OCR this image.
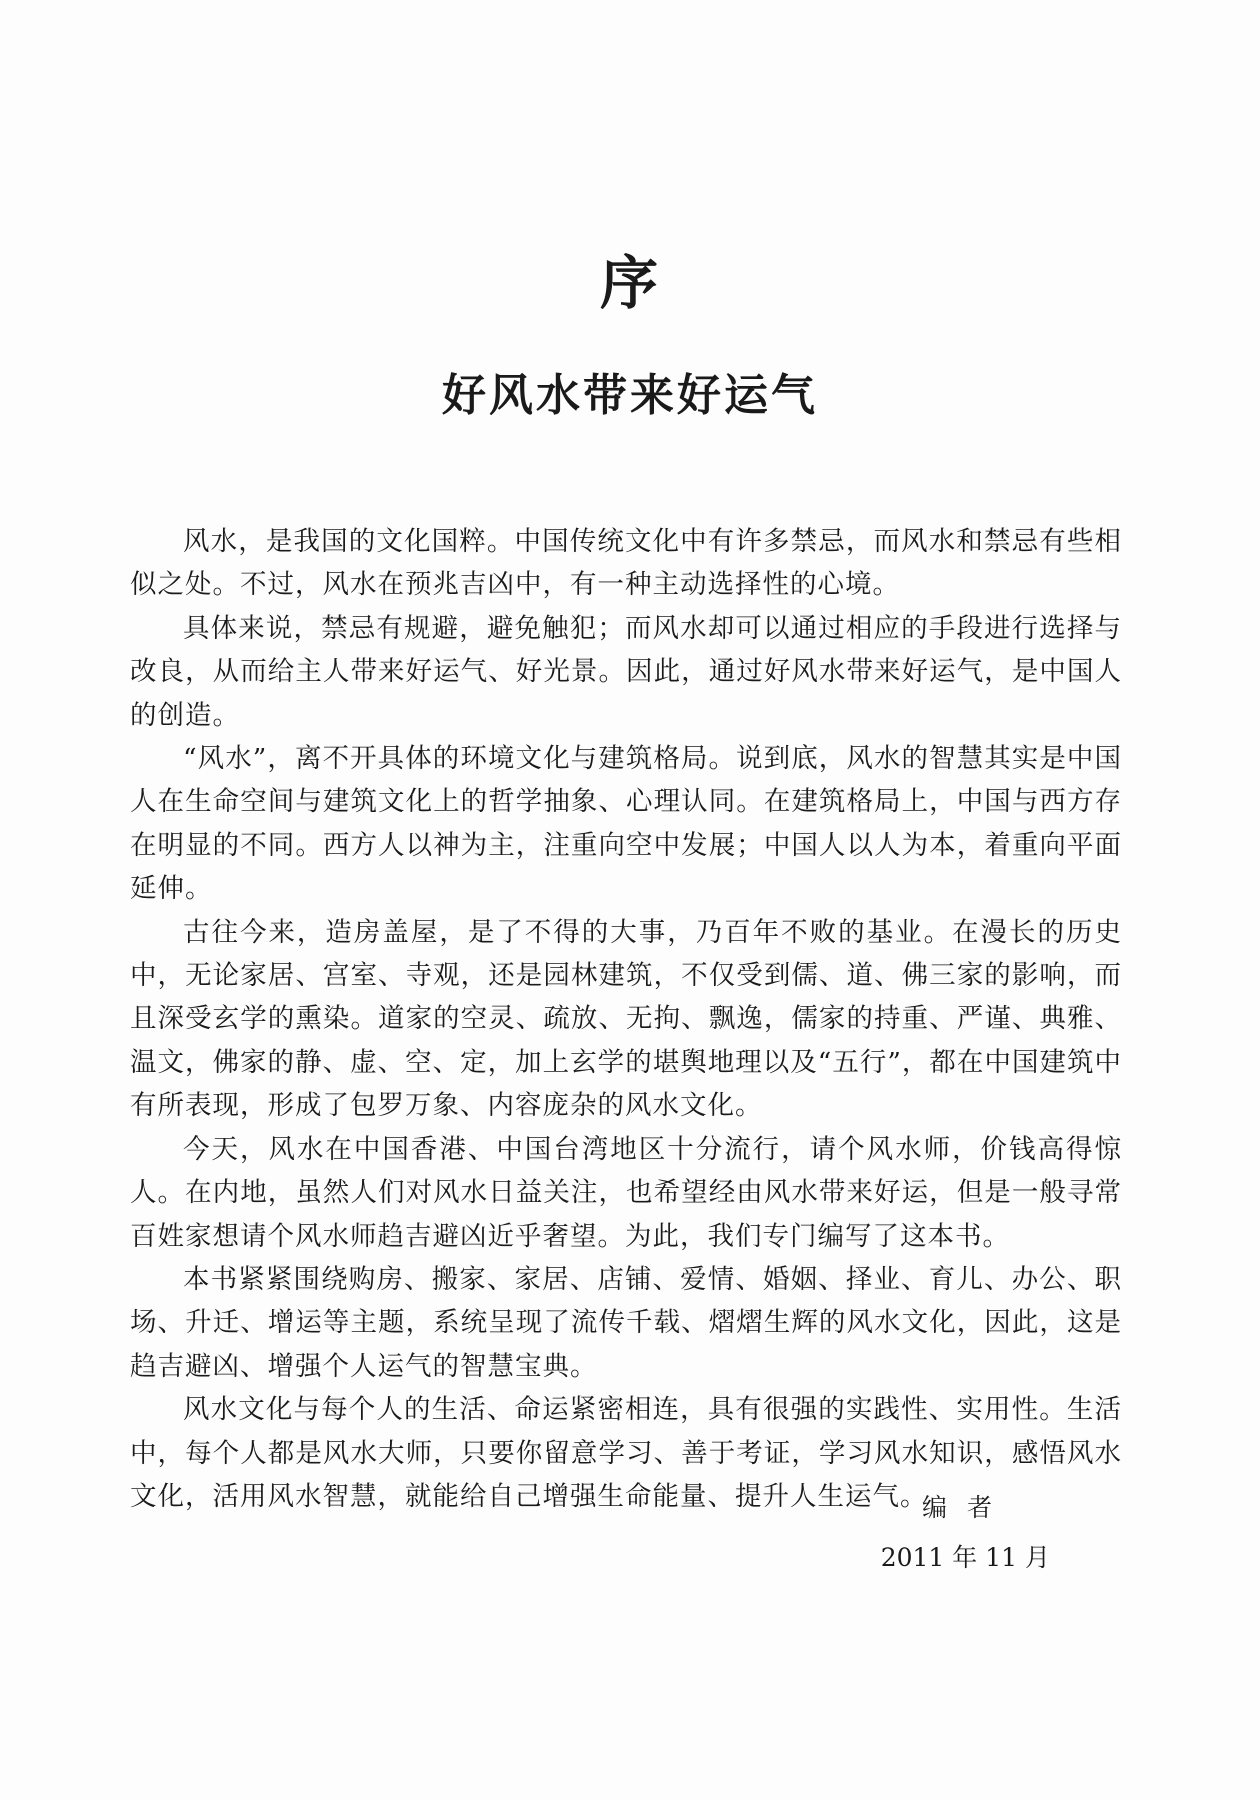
序
好风水带来好运气

风水，是我国的文化国粹。中国传统文化中有许多禁忌，而风水和禁忌有些相似之处。不过，风水在预兆吉凶中，有一种主动选择性的心境。

具体来说，禁忌有规避，避免触犯；而风水却可以通过相应的手段进行选择与改良，从而给主人带来好运气、好光景。因此，通过好风水带来好运气，是中国人的创造。

“风水”，离不开具体的环境文化与建筑格局。说到底，风水的智慧其实是中国人在生命空间与建筑文化上的哲学抽象、心理认同。在建筑格局上，中国与西方存在明显的不同。西方人以神为主，注重向空中发展；中国人以人为本，着重向平面延伸。

古往今来，造房盖屋，是了不得的大事，乃百年不败的基业。在漫长的历史中，无论家居、宫室、寺观，还是园林建筑，不仅受到儒、道、佛三家的影响，而且深受玄学的熏染。道家的空灵、疏放、无拘、飘逸，儒家的持重、严谨、典雅、温文，佛家的静、虚、空、定，加上玄学的堪舆地理以及“五行”，都在中国建筑中有所表现，形成了包罗万象、内容庞杂的风水文化。

今天，风水在中国香港、中国台湾地区十分流行，请个风水师，价钱高得惊人。在内地，虽然人们对风水日益关注，也希望经由风水带来好运，但是一般寻常百姓家想请个风水师趋吉避凶近乎奢望。为此，我们专门编写了这本书。

本书紧紧围绕购房、搬家、家居、店铺、爱情、婚姻、择业、育儿、办公、职场、升迁、增运等主题，系统呈现了流传千载、熠熠生辉的风水文化，因此，这是趋吉避凶、增强个人运气的智慧宝典。

风水文化与每个人的生活、命运紧密相连，具有很强的实践性、实用性。生活中，每个人都是风水大师，只要你留意学习、善于考证，学习风水知识，感悟风水文化，活用风水智慧，就能给自己增强生命能量、提升人生运气。

编者
2011 年 11 月
